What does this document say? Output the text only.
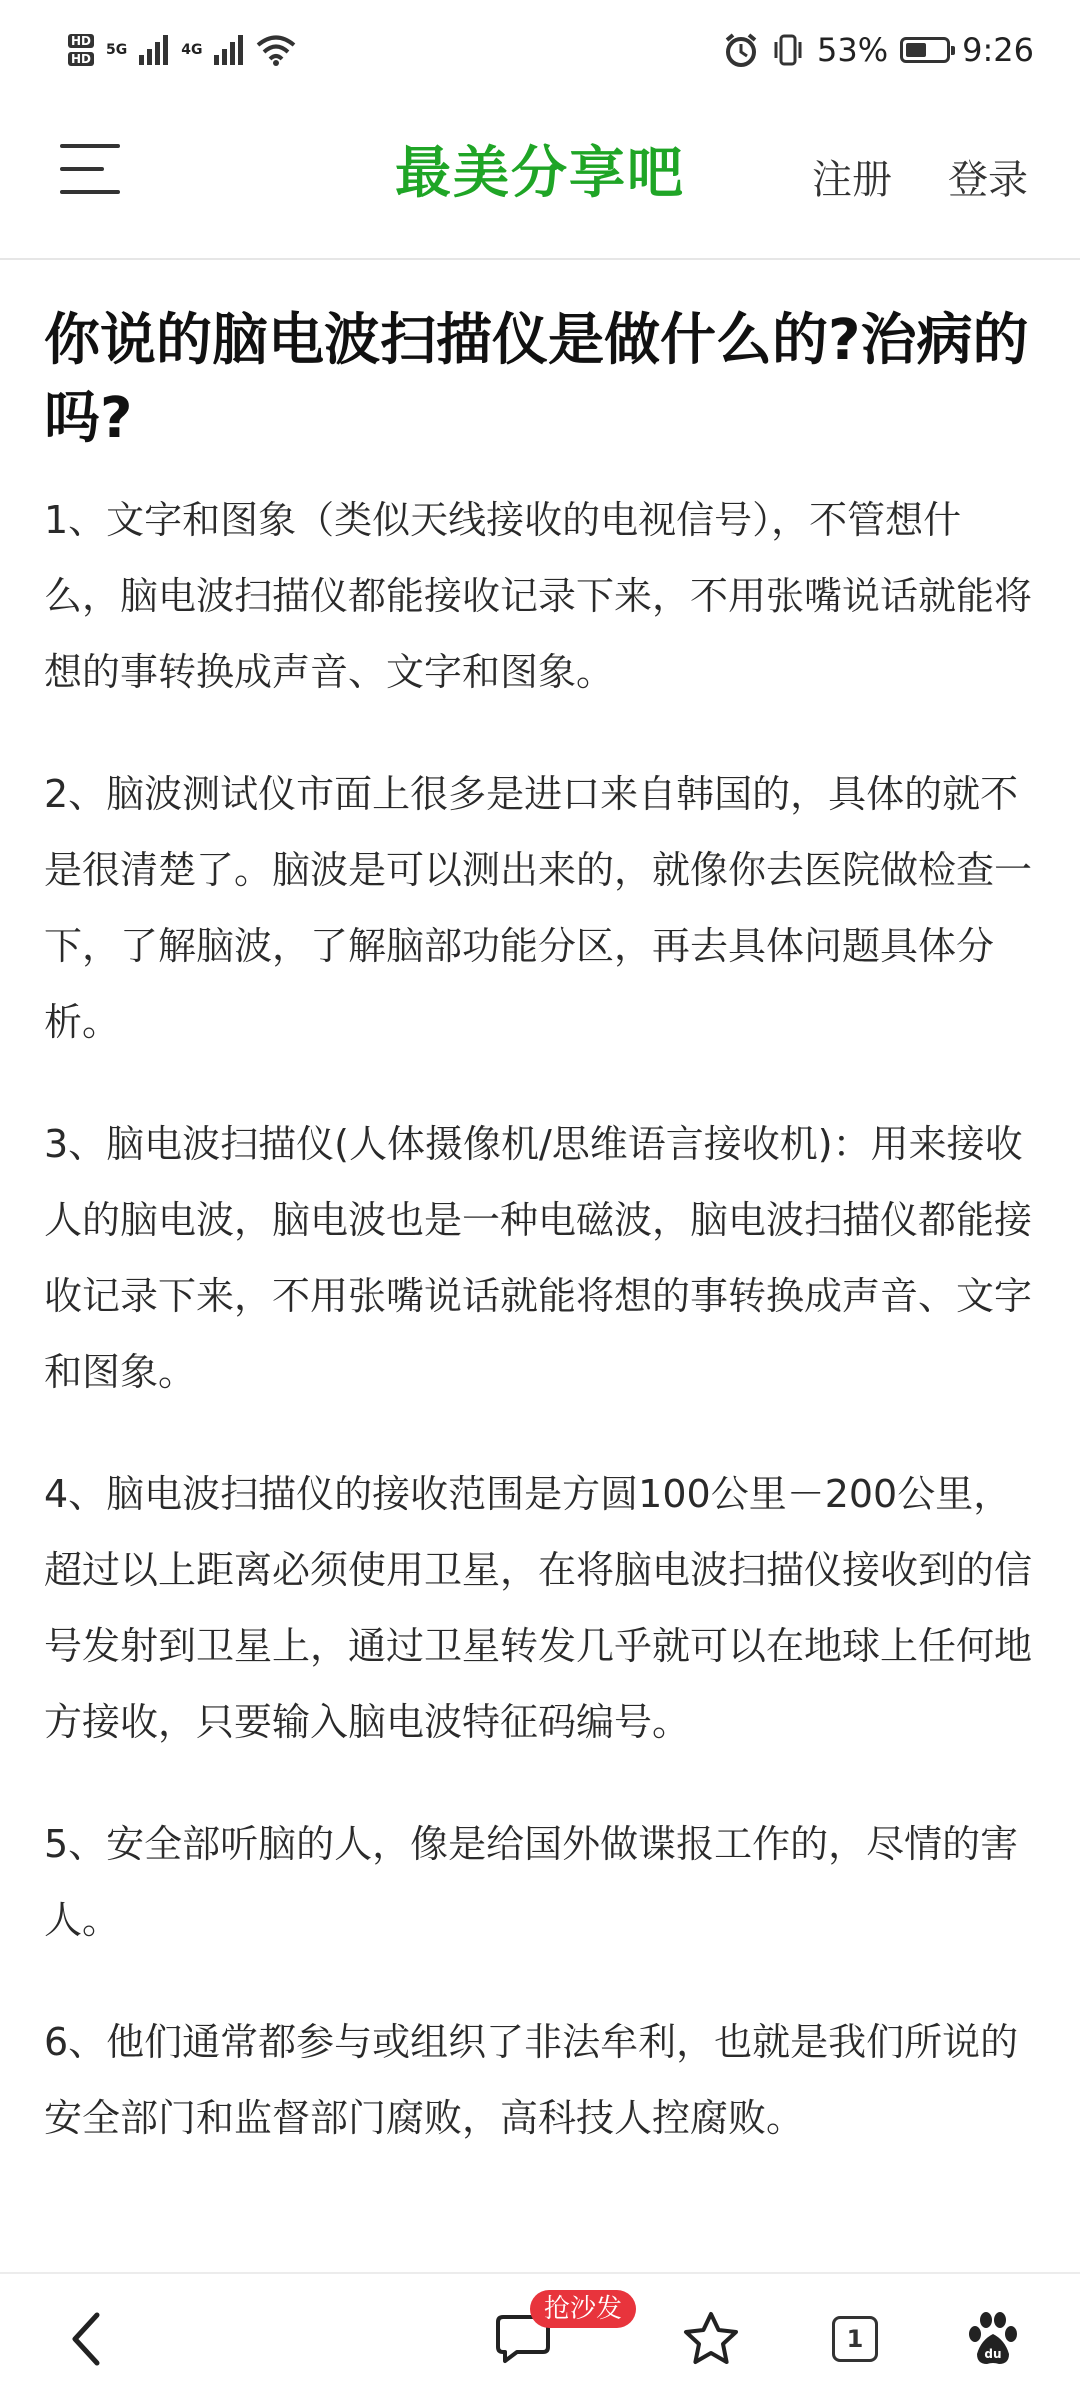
HD
HD
5G	4G	53% 9:26
最美分享吧	注册 登录
你说的脑电波扫描仪是做什么的?治病的吗?

1、文字和图象（类似天线接收的电视信号），不管想什么，脑电波扫描仪都能接收记录下来，不用张嘴说话就能将想的事转换成声音、文字和图象。

2、脑波测试仪市面上很多是进口来自韩国的，具体的就不是很清楚了。脑波是可以测出来的，就像你去医院做检查一下，了解脑波，了解脑部功能分区，再去具体问题具体分析。

3、脑电波扫描仪(人体摄像机/思维语言接收机)：用来接收人的脑电波，脑电波也是一种电磁波，脑电波扫描仪都能接收记录下来，不用张嘴说话就能将想的事转换成声音、文字和图象。

4、脑电波扫描仪的接收范围是方圆100公里－200公里，超过以上距离必须使用卫星，在将脑电波扫描仪接收到的信号发射到卫星上，通过卫星转发几乎就可以在地球上任何地方接收，只要输入脑电波特征码编号。

5、安全部听脑的人，像是给国外做谍报工作的，尽情的害人。

6、他们通常都参与或组织了非法牟利，也就是我们所说的安全部门和监督部门腐败，高科技人控腐败。

抢沙发
1
du
